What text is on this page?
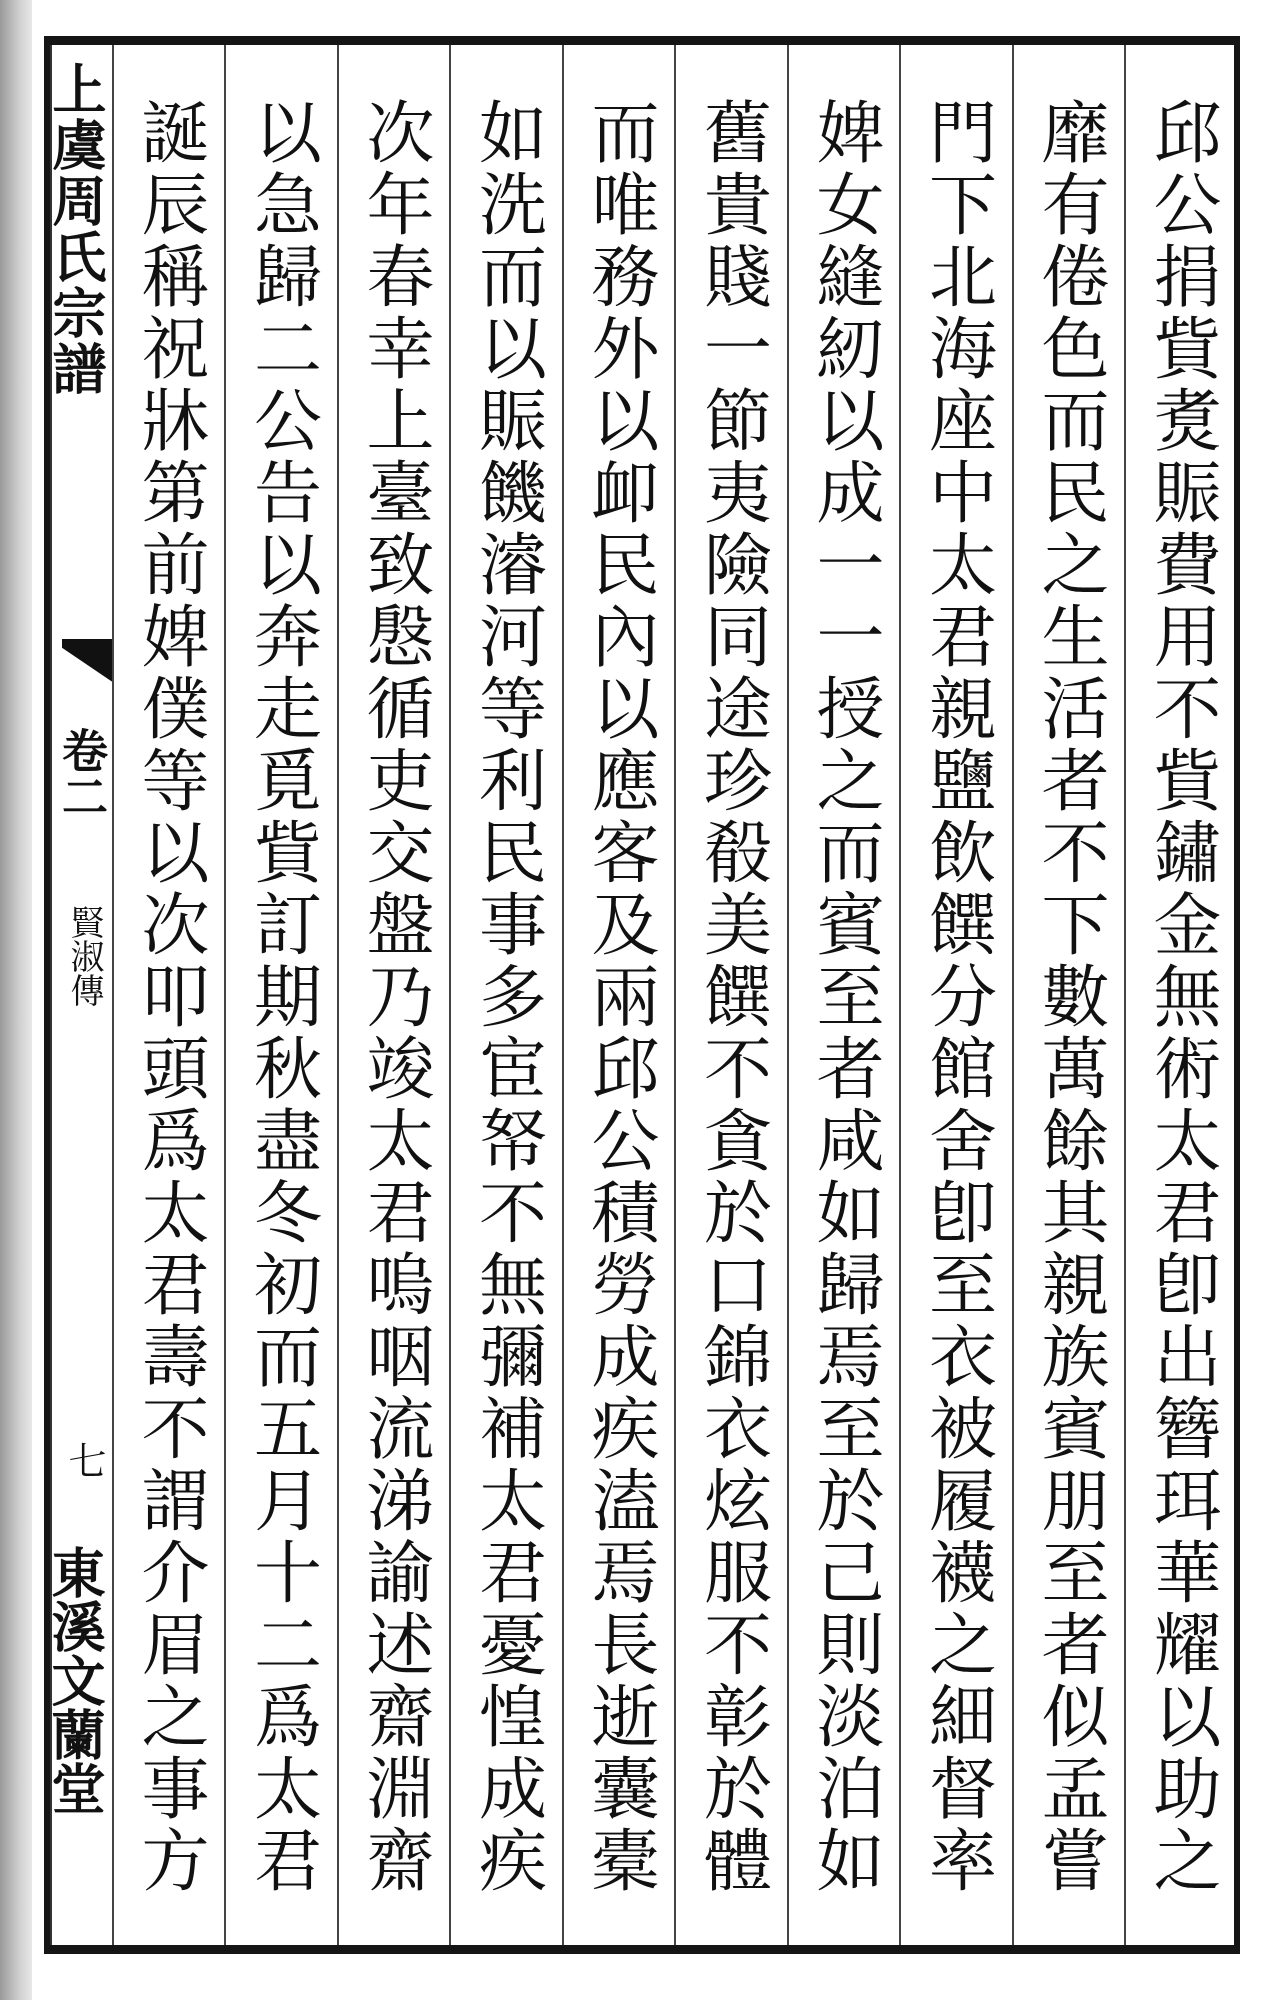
上虞周氏宗譜
卷二
賢淑傳
七
東溪文蘭堂 誕辰稱祝牀第前婢僕等以次叩頭爲太君壽不謂介眉之事方 以急歸二公告以奔走覓貲訂期秋盡冬初而五月十二爲太君 次年春幸上臺致慇循吏交盤乃竣太君嗚咽流涕諭述齋淵齋 如洗而以賑饑濬河等利民事多宦帑不無彌補太君憂惶成疾 而唯務外以卹民內以應客及兩邱公積勞成疾溘焉長逝囊橐 舊貴賤一節夷險同途珍殽美饌不貪於口錦衣炫服不彰於體 婢女縫紉以成一一授之而賓至者咸如歸焉至於己則淡泊如 門下北海座中太君親鹽飲饌分館舍卽至衣被履襪之細督率 靡有倦色而民之生活者不下數萬餘其親族賓朋至者似孟嘗 邱公捐貲煑賑費用不貲鏽金無術太君卽出簪珥華耀以助之
